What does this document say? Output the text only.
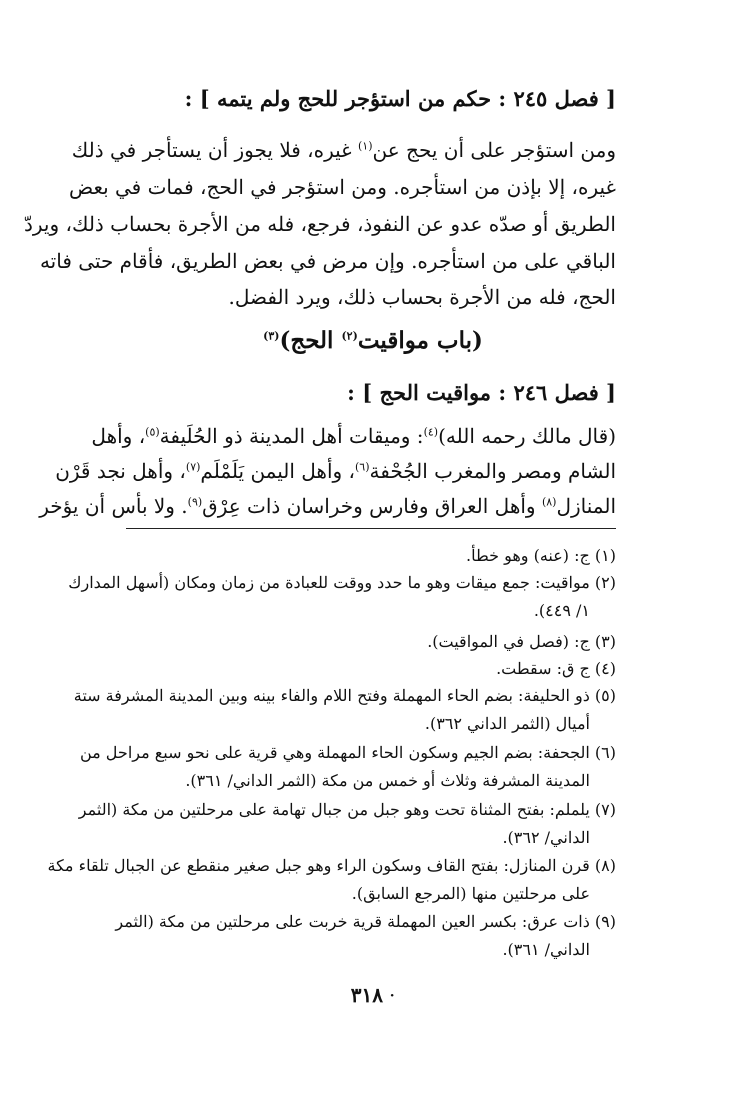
[ فصل ٢٤٥ : حكم من استؤجر للحج ولم يتمه ] :
ومن استؤجر على أن يحج عن$^{(١)}$ غيره، فلا يجوز أن يستأجر في ذلك
غيره، إلا بإذن من استأجره. ومن استؤجر في الحج، فمات في بعض
الطريق أو صدّه عدو عن النفوذ، فرجع، فله من الأجرة بحساب ذلك، ويردّ
الباقي على من استأجره. وإن مرض في بعض الطريق، فأقام حتى فاته
الحج، فله من الأجرة بحساب ذلك، ويرد الفضل.
(باب مواقيت$^{(٢)}$ الحج)$^{(٣)}$
[ فصل ٢٤٦ : مواقيت الحج ] :
(قال مالك رحمه الله)$^{(٤)}$: وميقات أهل المدينة ذو الحُلَيفة$^{(٥)}$، وأهل
الشام ومصر والمغرب الجُحْفة$^{(٦)}$، وأهل اليمن يَلَمْلَم$^{(٧)}$، وأهل نجد قَرْن
المنازل$^{(٨)}$ وأهل العراق وفارس وخراسان ذات عِرْق$^{(٩)}$. ولا بأس أن يؤخر
(١) ج: (عنه) وهو خطأ.
(٢) مواقيت: جمع ميقات وهو ما حدد ووقت للعبادة من زمان ومكان (أسهل المدارك
١/ ٤٤٩).
(٣) ج: (فصل في المواقيت).
(٤) ج ق: سقطت.
(٥) ذو الحليفة: بضم الحاء المهملة وفتح اللام والفاء بينه وبين المدينة المشرفة ستة
أميال (الثمر الداني ٣٦٢).
(٦) الجحفة: بضم الجيم وسكون الحاء المهملة وهي قرية على نحو سبع مراحل من
المدينة المشرفة وثلاث أو خمس من مكة (الثمر الداني/ ٣٦١).
(٧) يلملم: بفتح المثناة تحت وهو جبل من جبال تهامة على مرحلتين من مكة (الثمر
الداني/ ٣٦٢).
(٨) قرن المنازل: بفتح القاف وسكون الراء وهو جبل صغير منقطع عن الجبال تلقاء مكة
على مرحلتين منها (المرجع السابق).
(٩) ذات عرق: بكسر العين المهملة قرية خربت على مرحلتين من مكة (الثمر
الداني/ ٣٦١).
·٣١٨
